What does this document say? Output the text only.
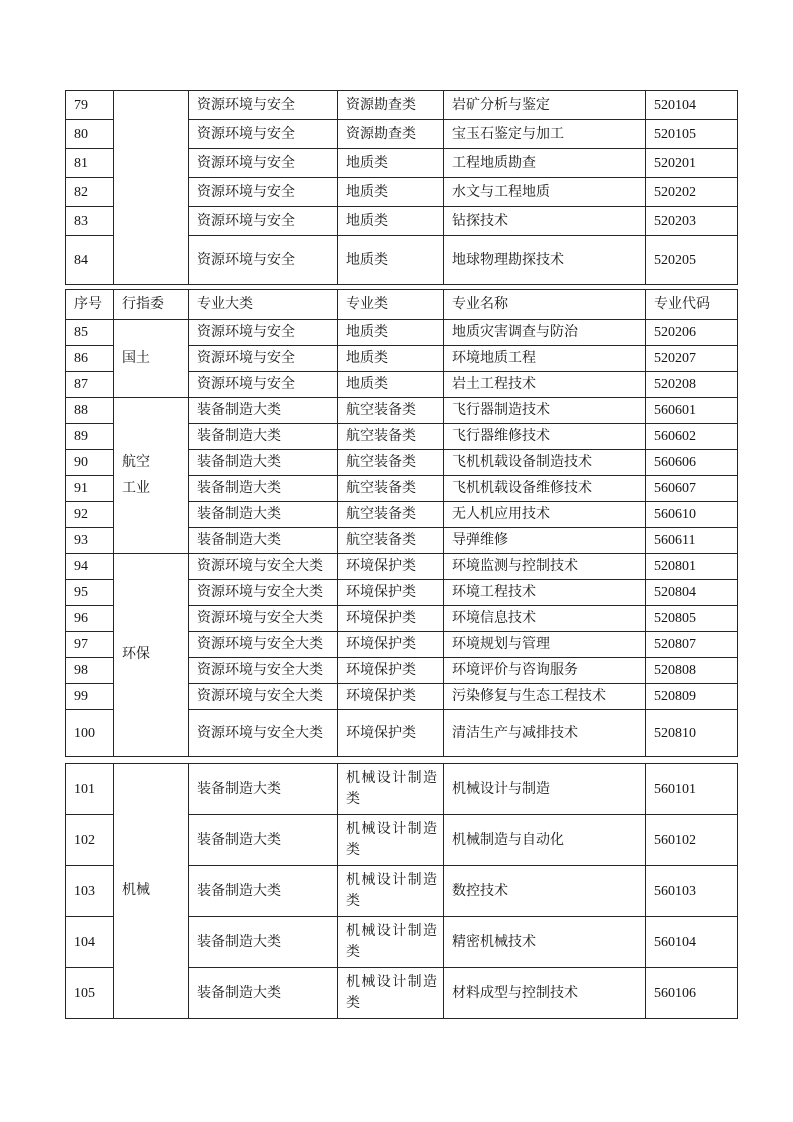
79		资源环境与安全	资源勘查类	岩矿分析与鉴定	520104
80		资源环境与安全	资源勘查类	宝玉石鉴定与加工	520105
81		资源环境与安全	地质类	工程地质勘查	520201
82		资源环境与安全	地质类	水文与工程地质	520202
83		资源环境与安全	地质类	钻探技术	520203
84		资源环境与安全	地质类	地球物理勘探技术	520205
序号	行指委	专业大类	专业类	专业名称	专业代码
85	国土	资源环境与安全	地质类	地质灾害调查与防治	520206
86		资源环境与安全	地质类	环境地质工程	520207
87		资源环境与安全	地质类	岩土工程技术	520208
88	航空工业	装备制造大类	航空装备类	飞行器制造技术	560601
89		装备制造大类	航空装备类	飞行器维修技术	560602
90		装备制造大类	航空装备类	飞机机载设备制造技术	560606
91		装备制造大类	航空装备类	飞机机载设备维修技术	560607
92		装备制造大类	航空装备类	无人机应用技术	560610
93		装备制造大类	航空装备类	导弹维修	560611
94	环保	资源环境与安全大类	环境保护类	环境监测与控制技术	520801
95		资源环境与安全大类	环境保护类	环境工程技术	520804
96		资源环境与安全大类	环境保护类	环境信息技术	520805
97		资源环境与安全大类	环境保护类	环境规划与管理	520807
98		资源环境与安全大类	环境保护类	环境评价与咨询服务	520808
99		资源环境与安全大类	环境保护类	污染修复与生态工程技术	520809
100		资源环境与安全大类	环境保护类	清洁生产与减排技术	520810
101	机械	装备制造大类	机械设计制造类	机械设计与制造	560101
102		装备制造大类	机械设计制造类	机械制造与自动化	560102
103		装备制造大类	机械设计制造类	数控技术	560103
104		装备制造大类	机械设计制造类	精密机械技术	560104
105		装备制造大类	机械设计制造类	材料成型与控制技术	560106
